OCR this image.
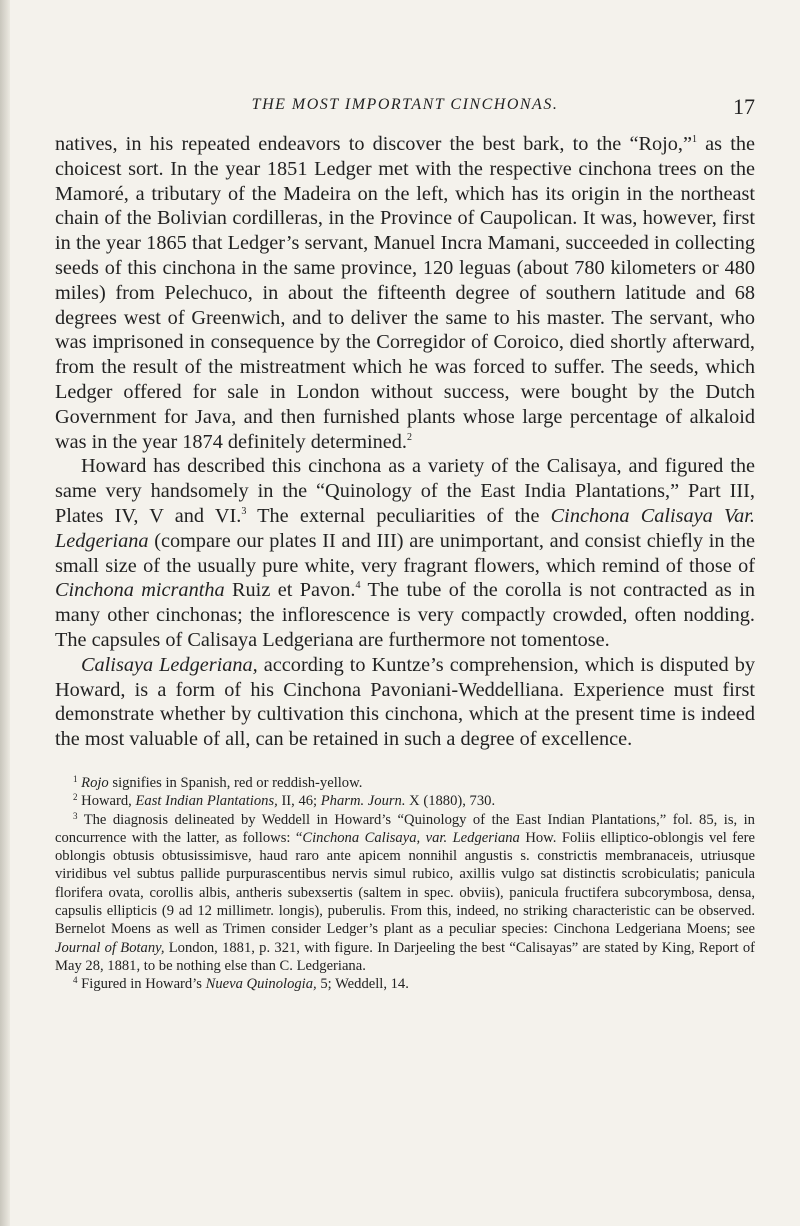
THE MOST IMPORTANT CINCHONAS.	17

natives, in his repeated endeavors to discover the best bark, to the “Rojo,”$^1$ as the choicest sort. In the year 1851 Ledger met with the respective cinchona trees on the Mamoré, a tributary of the Madeira on the left, which has its origin in the northeast chain of the Bolivian cordilleras, in the Province of Caupolican. It was, however, first in the year 1865 that Ledger’s servant, Manuel Incra Mamani, succeeded in collecting seeds of this cinchona in the same province, 120 leguas (about 780 kilometers or 480 miles) from Pelechuco, in about the fifteenth degree of southern latitude and 68 degrees west of Greenwich, and to deliver the same to his master. The servant, who was imprisoned in consequence by the Corregidor of Coroico, died shortly afterward, from the result of the mistreatment which he was forced to suffer. The seeds, which Ledger offered for sale in London without success, were bought by the Dutch Government for Java, and then furnished plants whose large percentage of alkaloid was in the year 1874 definitely determined.$^2$

Howard has described this cinchona as a variety of the Calisaya, and figured the same very handsomely in the “Quinology of the East India Plantations,” Part III, Plates IV, V and VI.$^3$ The external peculiarities of the Cinchona Calisaya Var. Ledgeriana (compare our plates II and III) are unimportant, and consist chiefly in the small size of the usually pure white, very fragrant flowers, which remind of those of Cinchona micrantha Ruiz et Pavon.$^4$ The tube of the corolla is not contracted as in many other cinchonas; the inflorescence is very compactly crowded, often nodding. The capsules of Calisaya Ledgeriana are furthermore not tomentose.

Calisaya Ledgeriana, according to Kuntze’s comprehension, which is disputed by Howard, is a form of his Cinchona Pavoniani-Weddelliana. Experience must first demonstrate whether by cultivation this cinchona, which at the present time is indeed the most valuable of all, can be retained in such a degree of excellence.

$^1$ Rojo signifies in Spanish, red or reddish-yellow.

$^2$ Howard, East Indian Plantations, II, 46; Pharm. Journ. X (1880), 730.

$^3$ The diagnosis delineated by Weddell in Howard’s “Quinology of the East Indian Plantations,” fol. 85, is, in concurrence with the latter, as follows: “Cinchona Calisaya, var. Ledgeriana How. Foliis elliptico-oblongis vel fere oblongis obtusis obtusissimisve, haud raro ante apicem nonnihil angustis s. constrictis membranaceis, utriusque viridibus vel subtus pallide purpurascentibus nervis simul rubico, axillis vulgo sat distinctis scrobiculatis; panicula florifera ovata, corollis albis, antheris subexsertis (saltem in spec. obviis), panicula fructifera subcorymbosa, densa, capsulis ellipticis (9 ad 12 millimetr. longis), puberulis. From this, indeed, no striking characteristic can be observed. Bernelot Moens as well as Trimen consider Ledger’s plant as a peculiar species: Cinchona Ledgeriana Moens; see Journal of Botany, London, 1881, p. 321, with figure. In Darjeeling the best “Calisayas” are stated by King, Report of May 28, 1881, to be nothing else than C. Ledgeriana.

$^4$ Figured in Howard’s Nueva Quinologia, 5; Weddell, 14.
